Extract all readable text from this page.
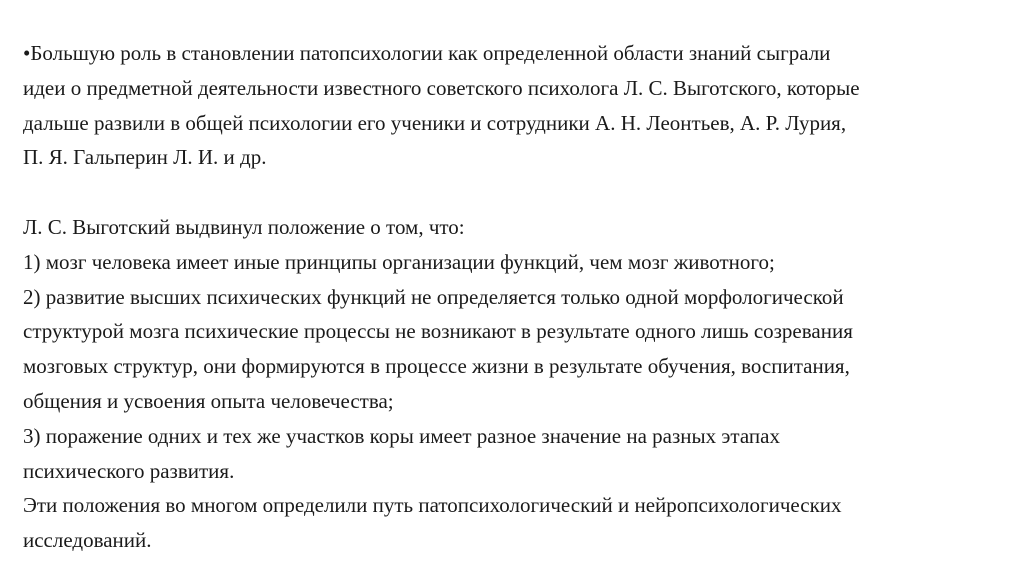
•Большую роль в становлении патопсихологии как определенной области знаний сыграли
идеи о предметной деятельности известного советского психолога Л. С. Выготского, которые
дальше развили в общей психологии его ученики и сотрудники А. Н. Леонтьев, А. Р. Лурия,
П. Я. Гальперин Л. И. и др.
Л. С. Выготский выдвинул положение о том, что:
1) мозг человека имеет иные принципы организации функций, чем мозг животного;
2) развитие высших психических функций не определяется только одной морфологической
структурой мозга психические процессы не возникают в результате одного лишь созревания
мозговых структур, они формируются в процессе жизни в результате обучения, воспитания,
общения и усвоения опыта человечества;
3) поражение одних и тех же участков коры имеет разное значение на разных этапах
психического развития.
Эти положения во многом определили путь патопсихологический и нейропсихологических
исследований.
